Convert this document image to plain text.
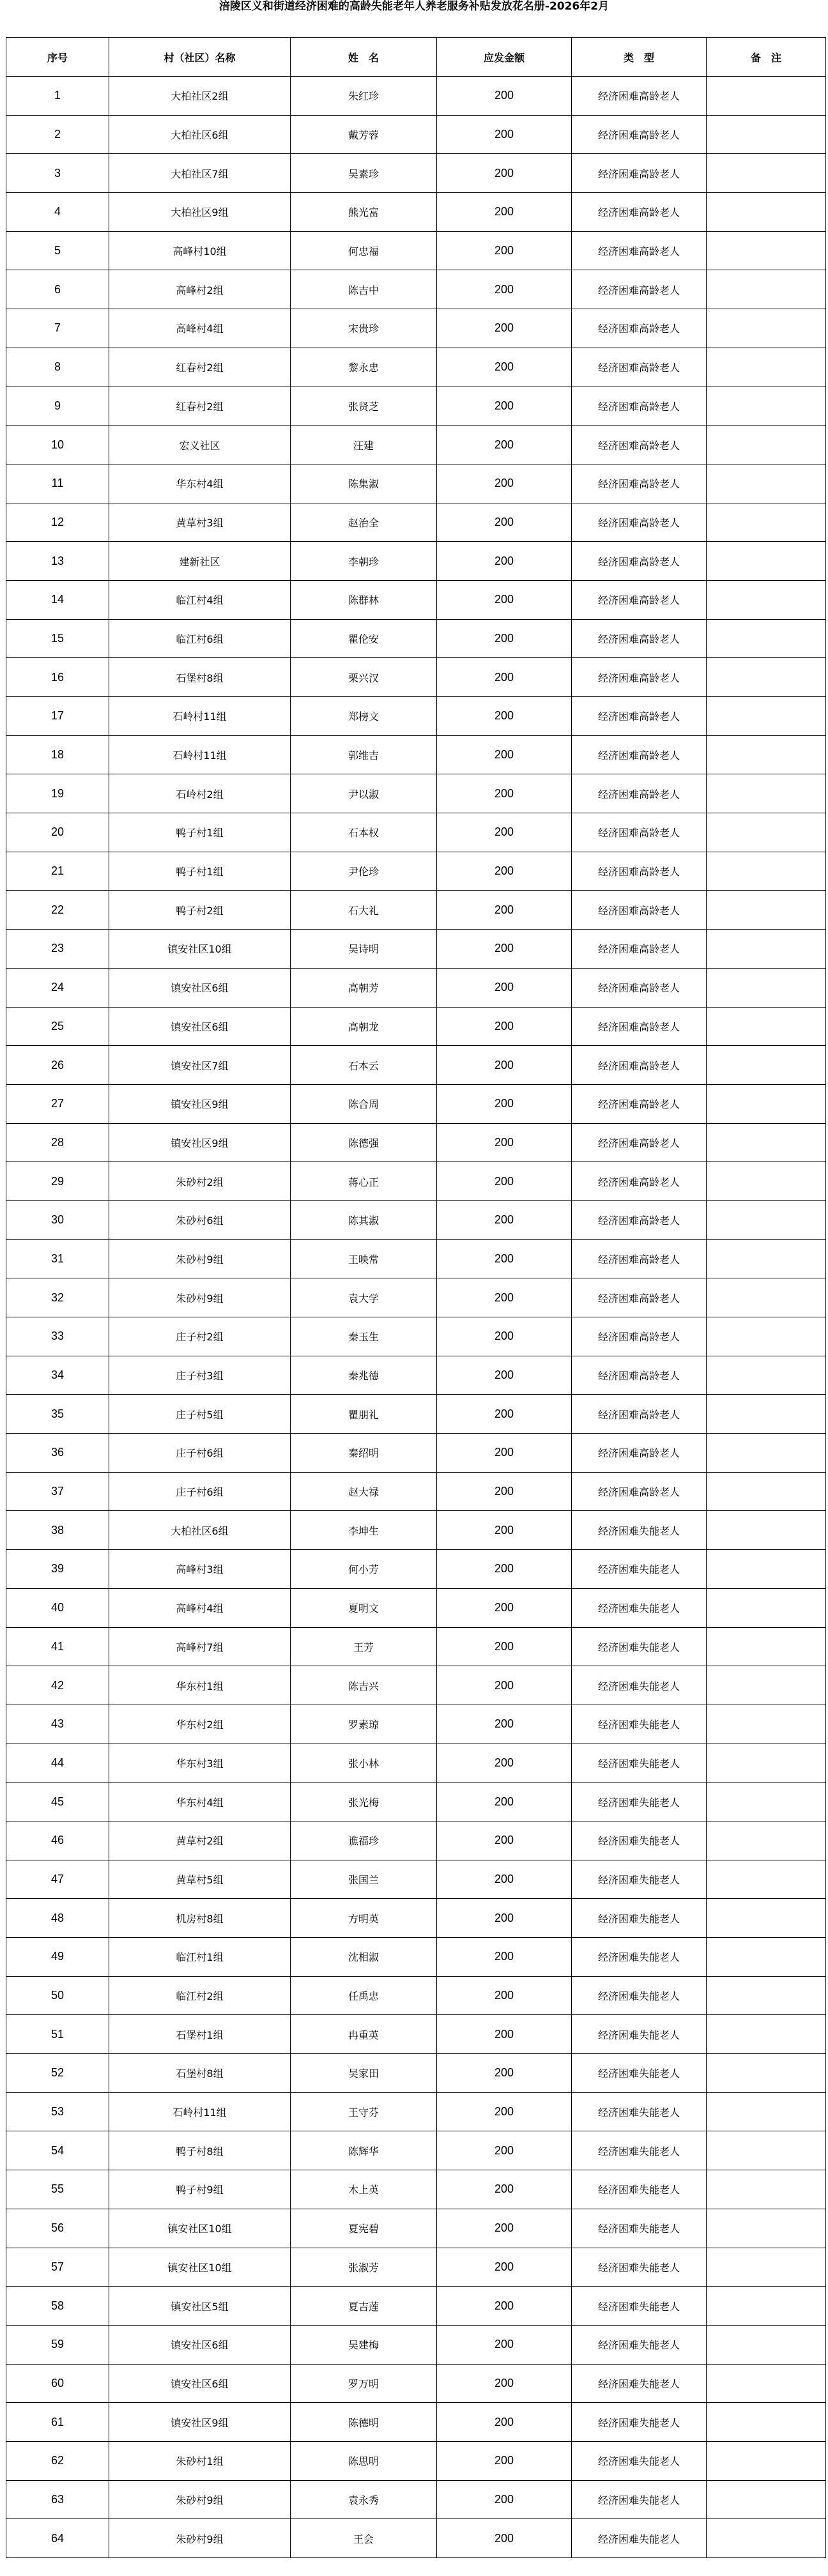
涪陵区义和街道经济困难的高龄失能老年人养老服务补贴发放花名册-2026年2月
序号	村（社区）名称	姓　名	应发金额	类　型	备　注
1	大柏社区2组	朱红珍	200	经济困难高龄老人	
2	大柏社区6组	戴芳蓉	200	经济困难高龄老人	
3	大柏社区7组	吴素珍	200	经济困难高龄老人	
4	大柏社区9组	熊光富	200	经济困难高龄老人	
5	高峰村10组	何忠福	200	经济困难高龄老人	
6	高峰村2组	陈吉中	200	经济困难高龄老人	
7	高峰村4组	宋贵珍	200	经济困难高龄老人	
8	红春村2组	黎永忠	200	经济困难高龄老人	
9	红春村2组	张贤芝	200	经济困难高龄老人	
10	宏义社区	汪建	200	经济困难高龄老人	
11	华东村4组	陈集淑	200	经济困难高龄老人	
12	黄草村3组	赵治全	200	经济困难高龄老人	
13	建新社区	李朝珍	200	经济困难高龄老人	
14	临江村4组	陈群林	200	经济困难高龄老人	
15	临江村6组	瞿伦安	200	经济困难高龄老人	
16	石堡村8组	栗兴汉	200	经济困难高龄老人	
17	石岭村11组	郑榜文	200	经济困难高龄老人	
18	石岭村11组	郭维吉	200	经济困难高龄老人	
19	石岭村2组	尹以淑	200	经济困难高龄老人	
20	鸭子村1组	石本权	200	经济困难高龄老人	
21	鸭子村1组	尹伦珍	200	经济困难高龄老人	
22	鸭子村2组	石大礼	200	经济困难高龄老人	
23	镇安社区10组	吴诗明	200	经济困难高龄老人	
24	镇安社区6组	高朝芳	200	经济困难高龄老人	
25	镇安社区6组	高朝龙	200	经济困难高龄老人	
26	镇安社区7组	石本云	200	经济困难高龄老人	
27	镇安社区9组	陈合周	200	经济困难高龄老人	
28	镇安社区9组	陈德强	200	经济困难高龄老人	
29	朱砂村2组	蒋心正	200	经济困难高龄老人	
30	朱砂村6组	陈其淑	200	经济困难高龄老人	
31	朱砂村9组	王映常	200	经济困难高龄老人	
32	朱砂村9组	袁大学	200	经济困难高龄老人	
33	庄子村2组	秦玉生	200	经济困难高龄老人	
34	庄子村3组	秦兆德	200	经济困难高龄老人	
35	庄子村5组	瞿朋礼	200	经济困难高龄老人	
36	庄子村6组	秦绍明	200	经济困难高龄老人	
37	庄子村6组	赵大禄	200	经济困难高龄老人	
38	大柏社区6组	李坤生	200	经济困难失能老人	
39	高峰村3组	何小芳	200	经济困难失能老人	
40	高峰村4组	夏明文	200	经济困难失能老人	
41	高峰村7组	王芳	200	经济困难失能老人	
42	华东村1组	陈吉兴	200	经济困难失能老人	
43	华东村2组	罗素琼	200	经济困难失能老人	
44	华东村3组	张小林	200	经济困难失能老人	
45	华东村4组	张光梅	200	经济困难失能老人	
46	黄草村2组	谯福珍	200	经济困难失能老人	
47	黄草村5组	张国兰	200	经济困难失能老人	
48	机房村8组	方明英	200	经济困难失能老人	
49	临江村1组	沈相淑	200	经济困难失能老人	
50	临江村2组	任禹忠	200	经济困难失能老人	
51	石堡村1组	冉重英	200	经济困难失能老人	
52	石堡村8组	吴家田	200	经济困难失能老人	
53	石岭村11组	王守芬	200	经济困难失能老人	
54	鸭子村8组	陈辉华	200	经济困难失能老人	
55	鸭子村9组	木上英	200	经济困难失能老人	
56	镇安社区10组	夏宪碧	200	经济困难失能老人	
57	镇安社区10组	张淑芳	200	经济困难失能老人	
58	镇安社区5组	夏吉莲	200	经济困难失能老人	
59	镇安社区6组	吴建梅	200	经济困难失能老人	
60	镇安社区6组	罗万明	200	经济困难失能老人	
61	镇安社区9组	陈德明	200	经济困难失能老人	
62	朱砂村1组	陈思明	200	经济困难失能老人	
63	朱砂村9组	袁永秀	200	经济困难失能老人	
64	朱砂村9组	王会	200	经济困难失能老人	
